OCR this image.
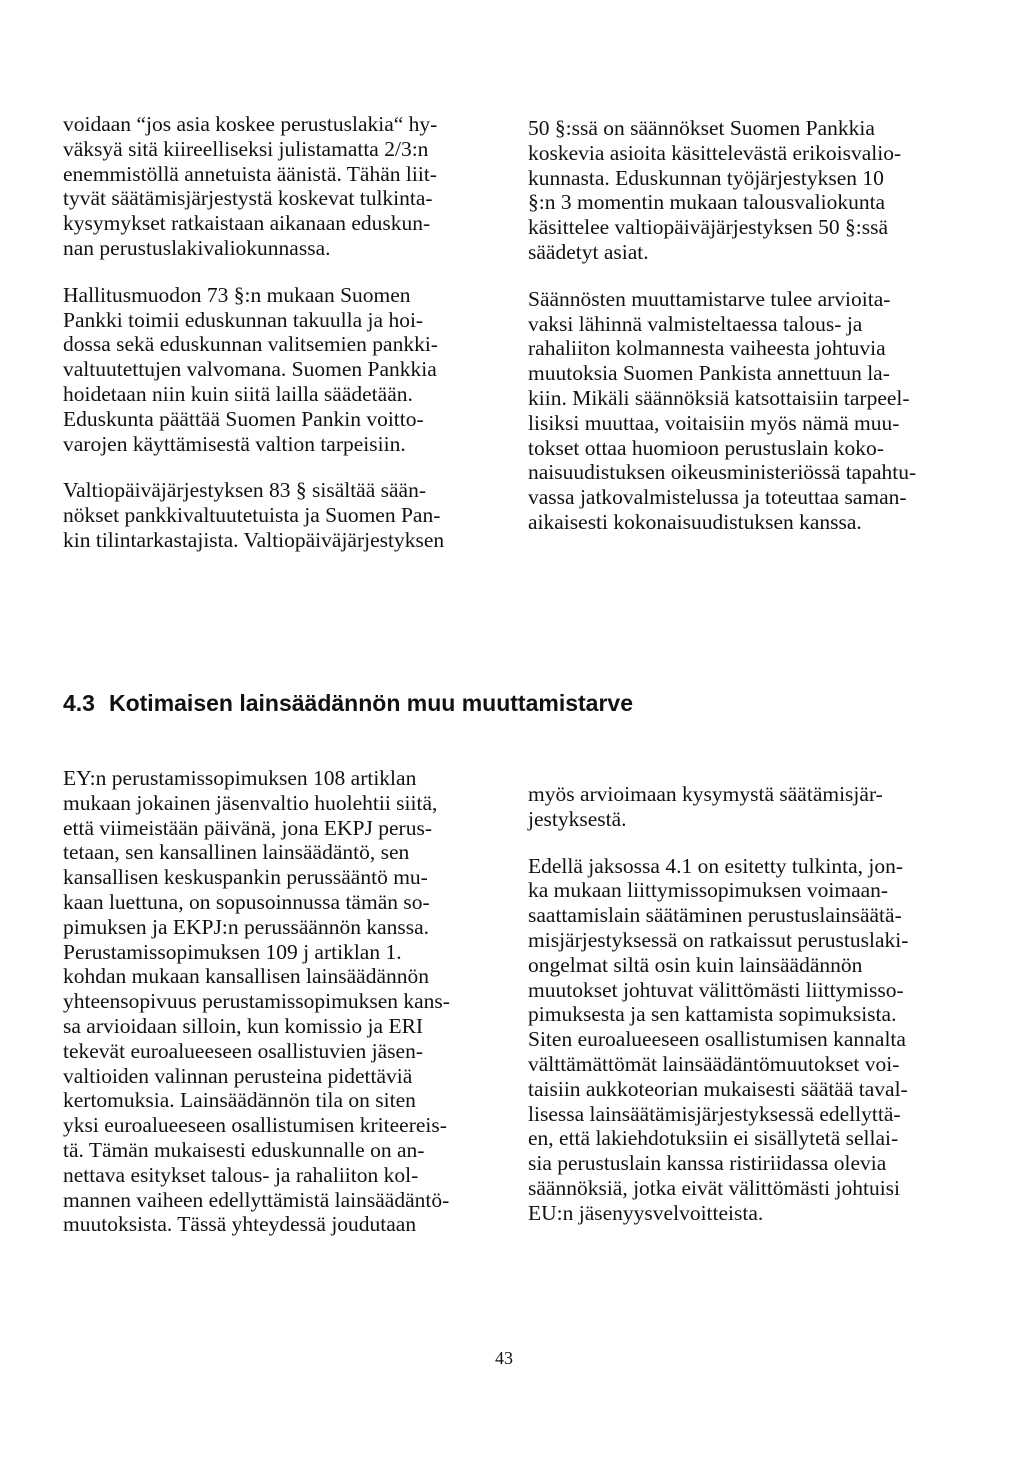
voidaan “jos asia koskee perustuslakia“ hy-
väksyä sitä kiireelliseksi julistamatta 2/3:n
enemmistöllä annetuista äänistä. Tähän liit-
tyvät säätämisjärjestystä koskevat tulkinta-
kysymykset ratkaistaan aikanaan eduskun-
nan perustuslakivaliokunnassa.

Hallitusmuodon 73 §:n mukaan Suomen
Pankki toimii eduskunnan takuulla ja hoi-
dossa sekä eduskunnan valitsemien pankki-
valtuutettujen valvomana. Suomen Pankkia
hoidetaan niin kuin siitä lailla säädetään.
Eduskunta päättää Suomen Pankin voitto-
varojen käyttämisestä valtion tarpeisiin.

Valtiopäiväjärjestyksen 83 § sisältää sään-
nökset pankkivaltuutetuista ja Suomen Pan-
kin tilintarkastajista. Valtiopäiväjärjestyksen

50 §:ssä on säännökset Suomen Pankkia
koskevia asioita käsittelevästä erikoisvalio-
kunnasta. Eduskunnan työjärjestyksen 10
§:n 3 momentin mukaan talousvaliokunta
käsittelee valtiopäiväjärjestyksen 50 §:ssä
säädetyt asiat.

Säännösten muuttamistarve tulee arvioita-
vaksi lähinnä valmisteltaessa talous- ja
rahaliiton kolmannesta vaiheesta johtuvia
muutoksia Suomen Pankista annettuun la-
kiin. Mikäli säännöksiä katsottaisiin tarpeel-
lisiksi muuttaa, voitaisiin myös nämä muu-
tokset ottaa huomioon perustuslain koko-
naisuudistuksen oikeusministeriössä tapahtu-
vassa jatkovalmistelussa ja toteuttaa saman-
aikaisesti kokonaisuudistuksen kanssa.

4.3 Kotimaisen lainsäädännön muu muuttamistarve

EY:n perustamissopimuksen 108 artiklan
mukaan jokainen jäsenvaltio huolehtii siitä,
että viimeistään päivänä, jona EKPJ perus-
tetaan, sen kansallinen lainsäädäntö, sen
kansallisen keskuspankin perussääntö mu-
kaan luettuna, on sopusoinnussa tämän so-
pimuksen ja EKPJ:n perussäännön kanssa.
Perustamissopimuksen 109 j artiklan 1.
kohdan mukaan kansallisen lainsäädännön
yhteensopivuus perustamissopimuksen kans-
sa arvioidaan silloin, kun komissio ja ERI
tekevät euroalueeseen osallistuvien jäsen-
valtioiden valinnan perusteina pidettäviä
kertomuksia. Lainsäädännön tila on siten
yksi euroalueeseen osallistumisen kriteereis-
tä. Tämän mukaisesti eduskunnalle on an-
nettava esitykset talous- ja rahaliiton kol-
mannen vaiheen edellyttämistä lainsäädäntö-
muutoksista. Tässä yhteydessä joudutaan

myös arvioimaan kysymystä säätämisjär-
jestyksestä.

Edellä jaksossa 4.1 on esitetty tulkinta, jon-
ka mukaan liittymissopimuksen voimaan-
saattamislain säätäminen perustuslainsäätä-
misjärjestyksessä on ratkaissut perustuslaki-
ongelmat siltä osin kuin lainsäädännön
muutokset johtuvat välittömästi liittymisso-
pimuksesta ja sen kattamista sopimuksista.
Siten euroalueeseen osallistumisen kannalta
välttämättömät lainsäädäntömuutokset voi-
taisiin aukkoteorian mukaisesti säätää taval-
lisessa lainsäätämisjärjestyksessä edellyttä-
en, että lakiehdotuksiin ei sisällytetä sellai-
sia perustuslain kanssa ristiriidassa olevia
säännöksiä, jotka eivät välittömästi johtuisi
EU:n jäsenyysvelvoitteista.

43
